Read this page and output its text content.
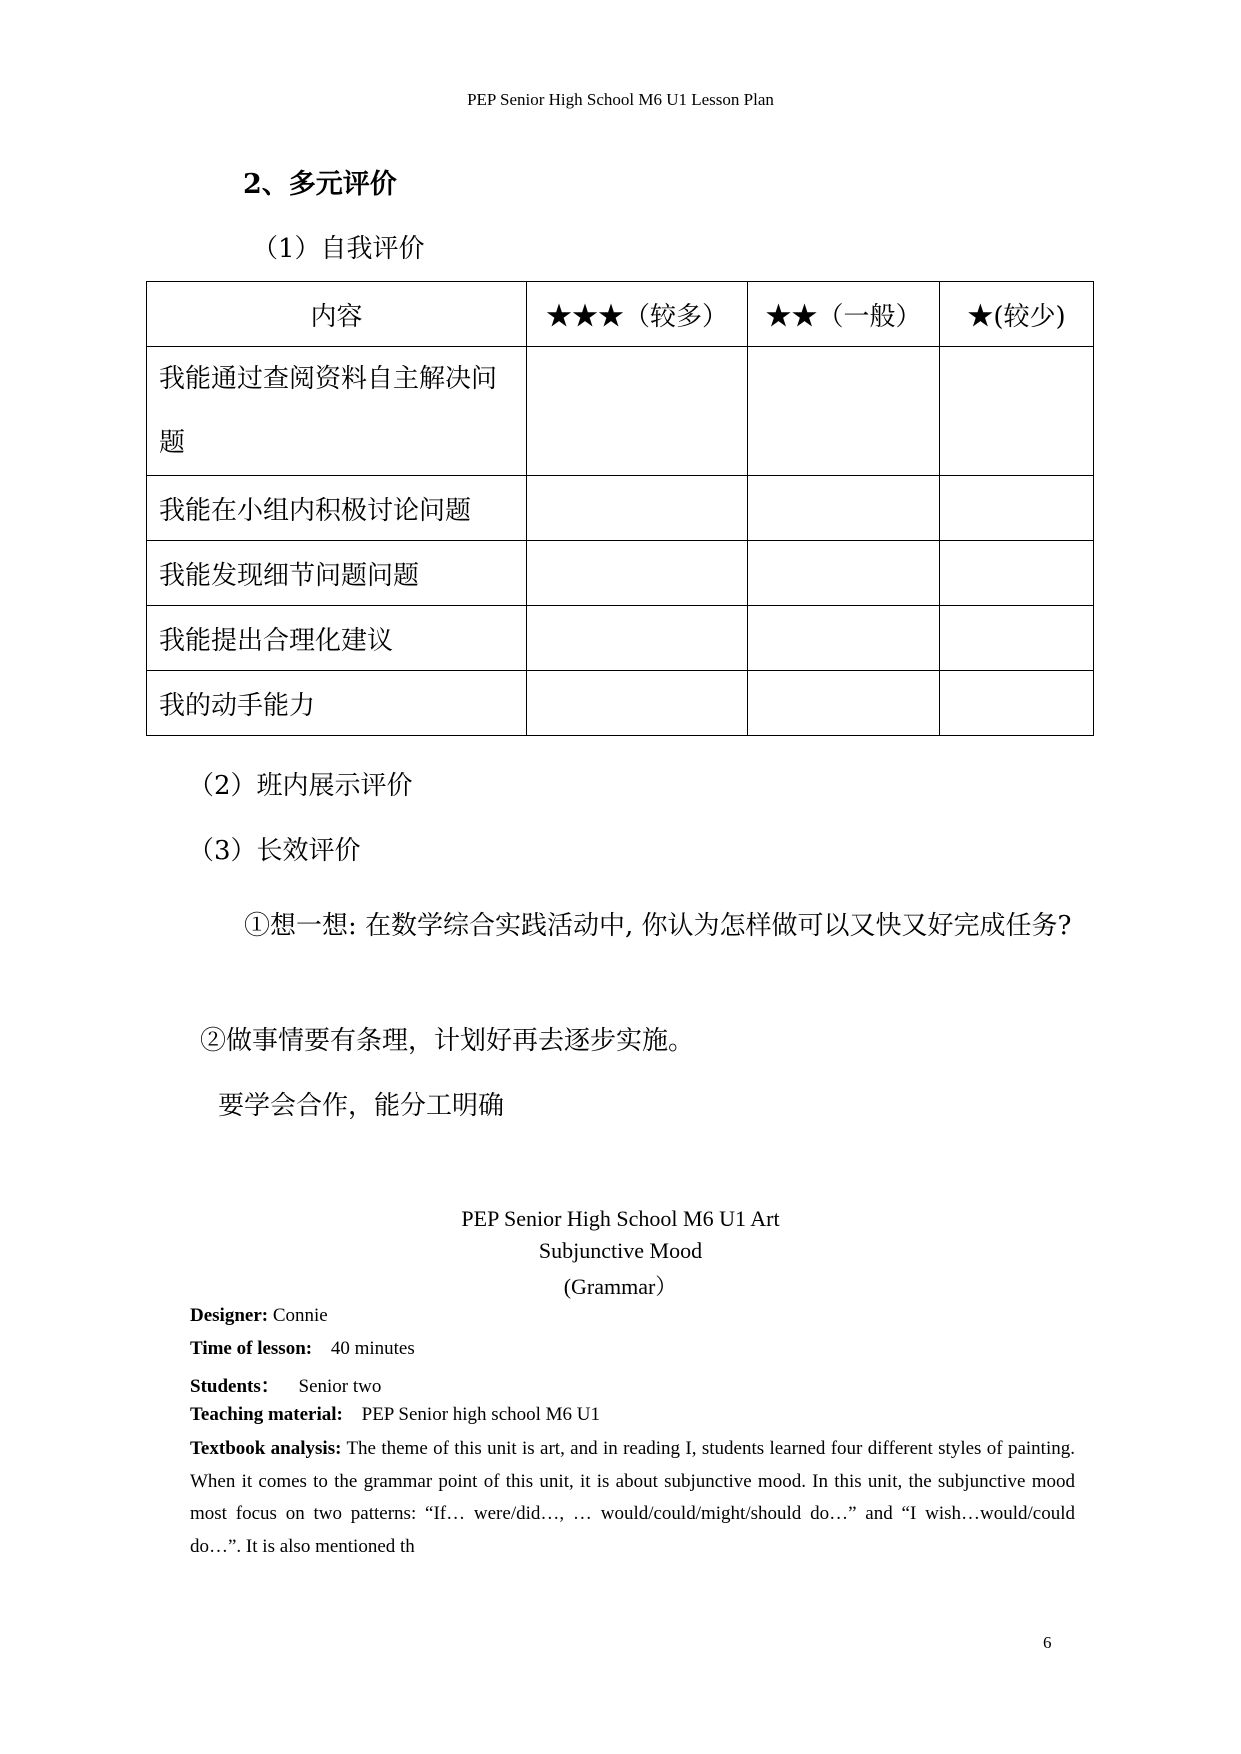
PEP Senior High School M6 U1 Lesson Plan
2、多元评价
（1）自我评价
内容	★★★（较多）	★★（一般）	★(较少)
我能通过查阅资料自主解决问题			
我能在小组内积极讨论问题			
我能发现细节问题问题			
我能提出合理化建议			
我的动手能力			
（2）班内展示评价
（3）长效评价
①想一想: 在数学综合实践活动中, 你认为怎样做可以又快又好完成任务?
②做事情要有条理，计划好再去逐步实施。
要学会合作，能分工明确
PEP Senior High School M6 U1 Art
Subjunctive Mood
(Grammar）
Designer: Connie
Time of lesson: 40 minutes
Students： Senior two
Teaching material: PEP Senior high school M6 U1
Textbook analysis: The theme of this unit is art, and in reading I, students learned four different styles of painting. When it comes to the grammar point of this unit, it is about subjunctive mood. In this unit, the subjunctive mood most focus on two patterns: “If… were/did…, … would/could/might/should do…” and “I wish…would/could do…”. It is also mentioned th
6
